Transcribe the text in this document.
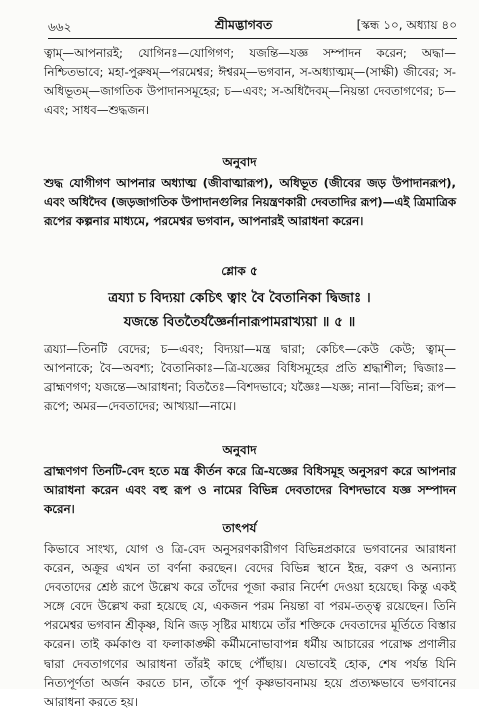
৬৬২	শ্রীমদ্ভাগবত	[স্কন্ধ ১০, অধ্যায় ৪০
ত্বাম্—আপনারই; যোগিনঃ—যোগিগণ; যজন্তি—যজ্ঞ সম্পাদন করেন; অদ্ধা—নিশ্চিতভাবে; মহা-পুরুষম্—পরমেশ্বর; ঈশ্বরম্—ভগবান, স-অধ্যাত্মম্—(সাক্ষী) জীবের; স-অধিভূতম্—জাগতিক উপাদানসমূহের; চ—এবং; স-অধিদৈবম্—নিয়ন্তা দেবতাগণের; চ—এবং; সাধব—শুদ্ধজন।
অনুবাদ
শুদ্ধ যোগীগণ আপনার অধ্যাত্ম (জীবাত্মারূপ), অধিভূত (জীবের জড় উপাদানরূপ), এবং অধিদৈব (জড়জাগতিক উপাদানগুলির নিয়ন্ত্রণকারী দেবতাদির রূপ)—এই ত্রিমাত্রিক রূপের কল্পনার মাধ্যমে, পরমেশ্বর ভগবান, আপনারই আরাধনা করেন।
শ্লোক ৫
ত্রয্যা চ বিদ্যয়া কেচিৎ ত্বাং বৈ বৈতানিকা দ্বিজাঃ ।
যজন্তে বিততৈর্যজ্ঞৈর্নানারূপামরাখ্যয়া ॥ ৫ ॥
ত্রয্যা—তিনটি বেদের; চ—এবং; বিদ্যয়া—মন্ত্র দ্বারা; কেচিৎ—কেউ কেউ; ত্বাম্—আপনাকে; বৈ—অবশ্য; বৈতানিকাঃ—ত্রি-যজ্ঞের বিধিসমূহের প্রতি শ্রদ্ধাশীল; দ্বিজাঃ—ব্রাহ্মণগণ; যজন্তে—আরাধনা; বিততৈঃ—বিশদভাবে; যজ্ঞৈঃ—যজ্ঞ; নানা—বিভিন্ন; রূপ—রূপে; অমর—দেবতাদের; আখ্যয়া—নামে।
অনুবাদ
ব্রাহ্মণগণ তিনটি-বেদ হতে মন্ত্র কীর্তন করে ত্রি-যজ্ঞের বিধিসমূহ অনুসরণ করে আপনার আরাধনা করেন এবং বহু রূপ ও নামের বিভিন্ন দেবতাদের বিশদভাবে যজ্ঞ সম্পাদন করেন।
তাৎপর্য
কিভাবে সাংখ্য, যোগ ও ত্রি-বেদ অনুসরণকারীগণ বিভিন্নপ্রকারে ভগবানের আরাধনা করেন, অক্রূর এখন তা বর্ণনা করছেন। বেদের বিভিন্ন স্থানে ইন্দ্র, বরুণ ও অন্যান্য দেবতাদের শ্রেষ্ঠ রূপে উল্লেখ করে তাঁদের পূজা করার নির্দেশ দেওয়া হয়েছে। কিন্তু একই সঙ্গে বেদে উল্লেখ করা হয়েছে যে, একজন পরম নিয়ন্তা বা পরম-তত্ত্ব রয়েছেন। তিনি পরমেশ্বর ভগবান শ্রীকৃষ্ণ, যিনি জড় সৃষ্টির মাধ্যমে তাঁর শক্তিকে দেবতাদের মূর্তিতে বিস্তার করেন। তাই কর্মকাণ্ড বা ফলাকাঙ্ক্ষী কর্মীমনোভাবাপন্ন ধর্মীয় আচারের পরোক্ষ প্রণালীর দ্বারা দেবতাগণের আরাধনা তাঁরই কাছে পৌঁছায়। যেভাবেই হোক, শেষ পর্যন্ত যিনি নিত্যপূর্ণতা অর্জন করতে চান, তাঁকে পূর্ণ কৃষ্ণভাবনাময় হয়ে প্রত্যক্ষভাবে ভগবানের আরাধনা করতে হয়।
